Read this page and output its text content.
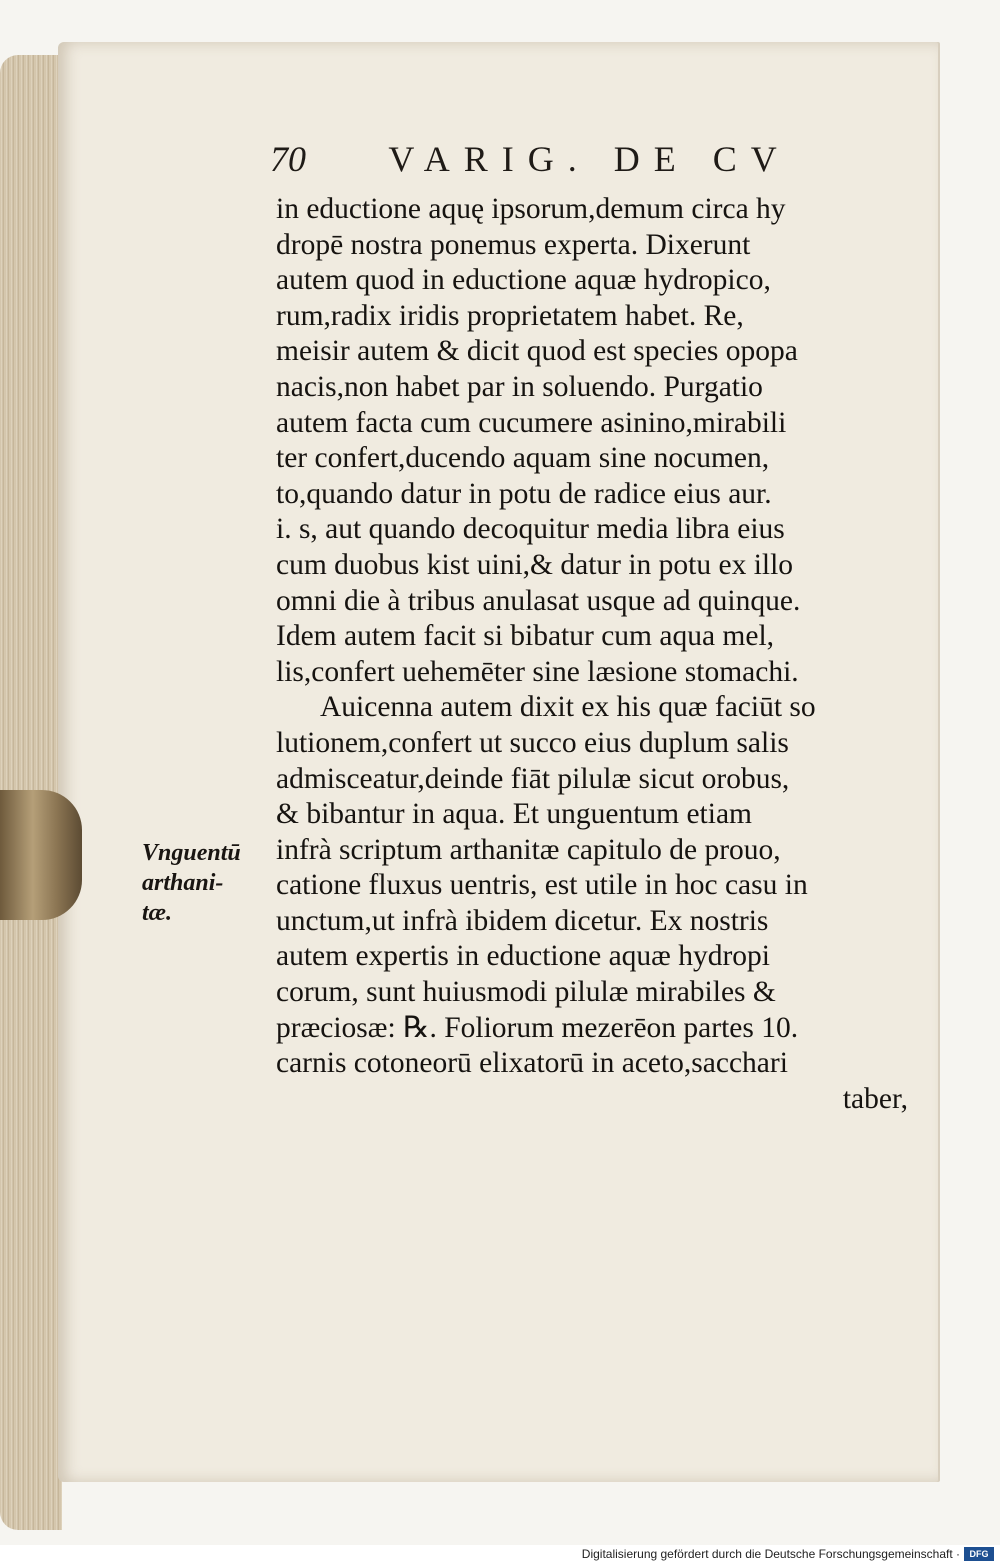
70 VARIG. DE CV
in eductione aquę ipsorum,demum circa hy
dropē nostra ponemus experta. Dixerunt
autem quod in eductione aquæ hydropico,
rum,radix iridis proprietatem habet. Re,
meisir autem & dicit quod est species opopa
nacis,non habet par in soluendo. Purgatio
autem facta cum cucumere asinino,mirabili
ter confert,ducendo aquam sine nocumen,
to,quando datur in potu de radice eius aur.
i. s, aut quando decoquitur media libra eius
cum duobus kist uini,& datur in potu ex illo
omni die à tribus anulasat usque ad quinque.
Idem autem facit si bibatur cum aqua mel,
lis,confert uehemēter sine læsione stomachi.
Auicenna autem dixit ex his quæ faciūt so
lutionem,confert ut succo eius duplum salis
admisceatur,deinde fiāt pilulæ sicut orobus,
& bibantur in aqua. Et unguentum etiam
infrà scriptum arthanitæ capitulo de prouo,
catione fluxus uentris, est utile in hoc casu in
unctum,ut infrà ibidem dicetur. Ex nostris
autem expertis in eductione aquæ hydropi
corum, sunt huiusmodi pilulæ mirabiles &
præciosæ: ℞. Foliorum mezerēon partes 10.
carnis cotoneorū elixatorū in aceto,sacchari
taber,
Vnguentū
arthani-
tæ.
Digitalisierung gefördert durch die Deutsche Forschungsgemeinschaft ·	DFG
